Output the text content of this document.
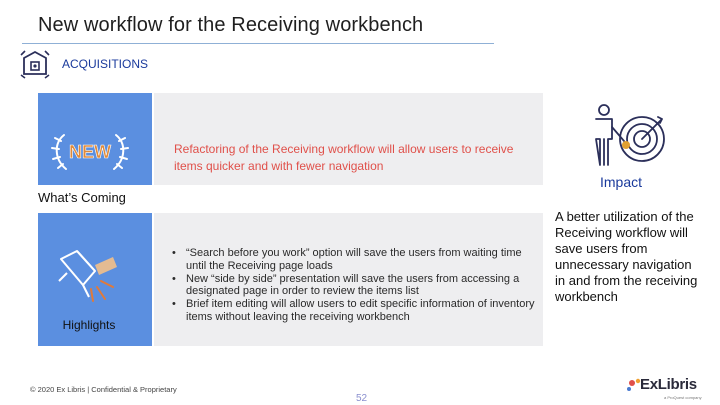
New workflow for the Receiving workbench
ACQUISITIONS
NEW
What’s Coming
Refactoring of the Receiving workflow will allow users to receive items quicker and with fewer navigation
Highlights
• “Search before you work” option will save the users from waiting time until the Receiving page loads
• New “side by side” presentation will save the users from accessing a designated page in order to review the items list
• Brief item editing will allow users to edit specific information of inventory items without leaving the receiving workbench
Impact
A better utilization of the Receiving workflow will save users from unnecessary navigation in and from the receiving workbench
© 2020 Ex Libris | Confidential & Proprietary
52
ExLibris
a ProQuest company
